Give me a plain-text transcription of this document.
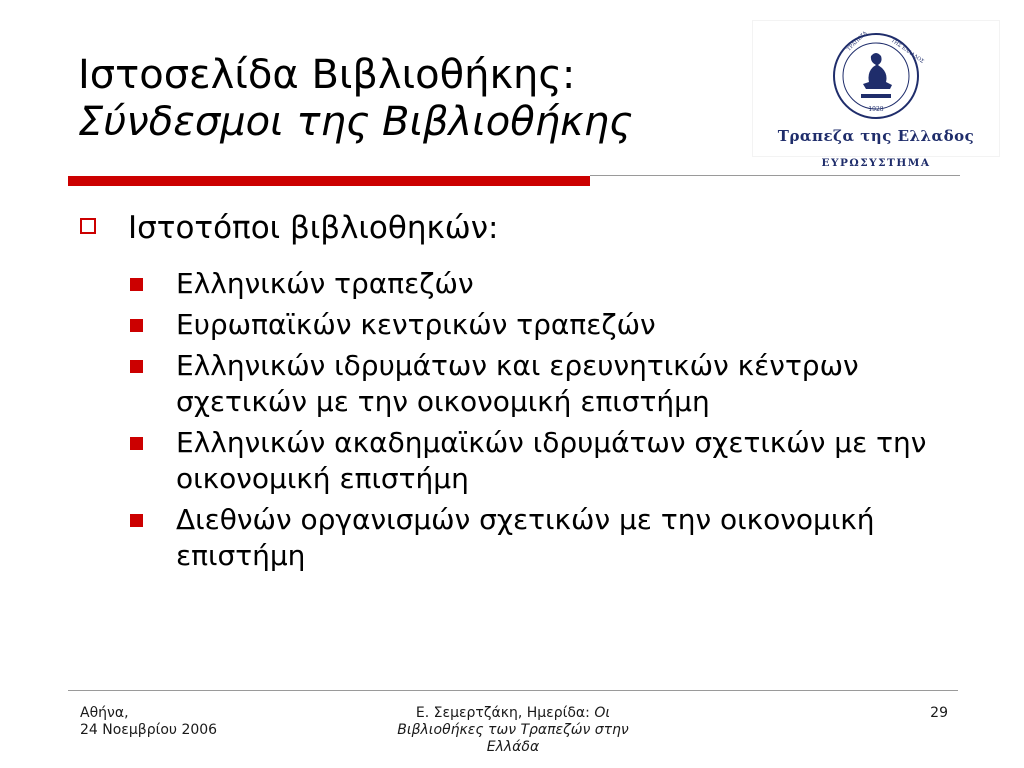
Ιστοσελίδα Βιβλιοθήκης:
Σύνδεσμοι της Βιβλιοθήκης	1928
ΤΡΑΠΕΖΑ	ΤΗΣ ΕΛΛΑΔΟΣ
Τραπεζα της Ελλαδος
ΕΥΡΩΣΥΣΤΗΜΑ
Ιστοτόποι βιβλιοθηκών:
Ελληνικών τραπεζών
Ευρωπαϊκών κεντρικών τραπεζών
Ελληνικών ιδρυμάτων και ερευνητικών κέντρων σχετικών με την οικονομική επιστήμη
Ελληνικών ακαδημαϊκών ιδρυμάτων σχετικών με την οικονομική επιστήμη
Διεθνών οργανισμών σχετικών με την οικονομική επιστήμη
Αθήνα,
24 Νοεμβρίου 2006
Ε. Σεμερτζάκη, Ημερίδα: Οι Βιβλιοθήκες των Τραπεζών στην Ελλάδα
29
